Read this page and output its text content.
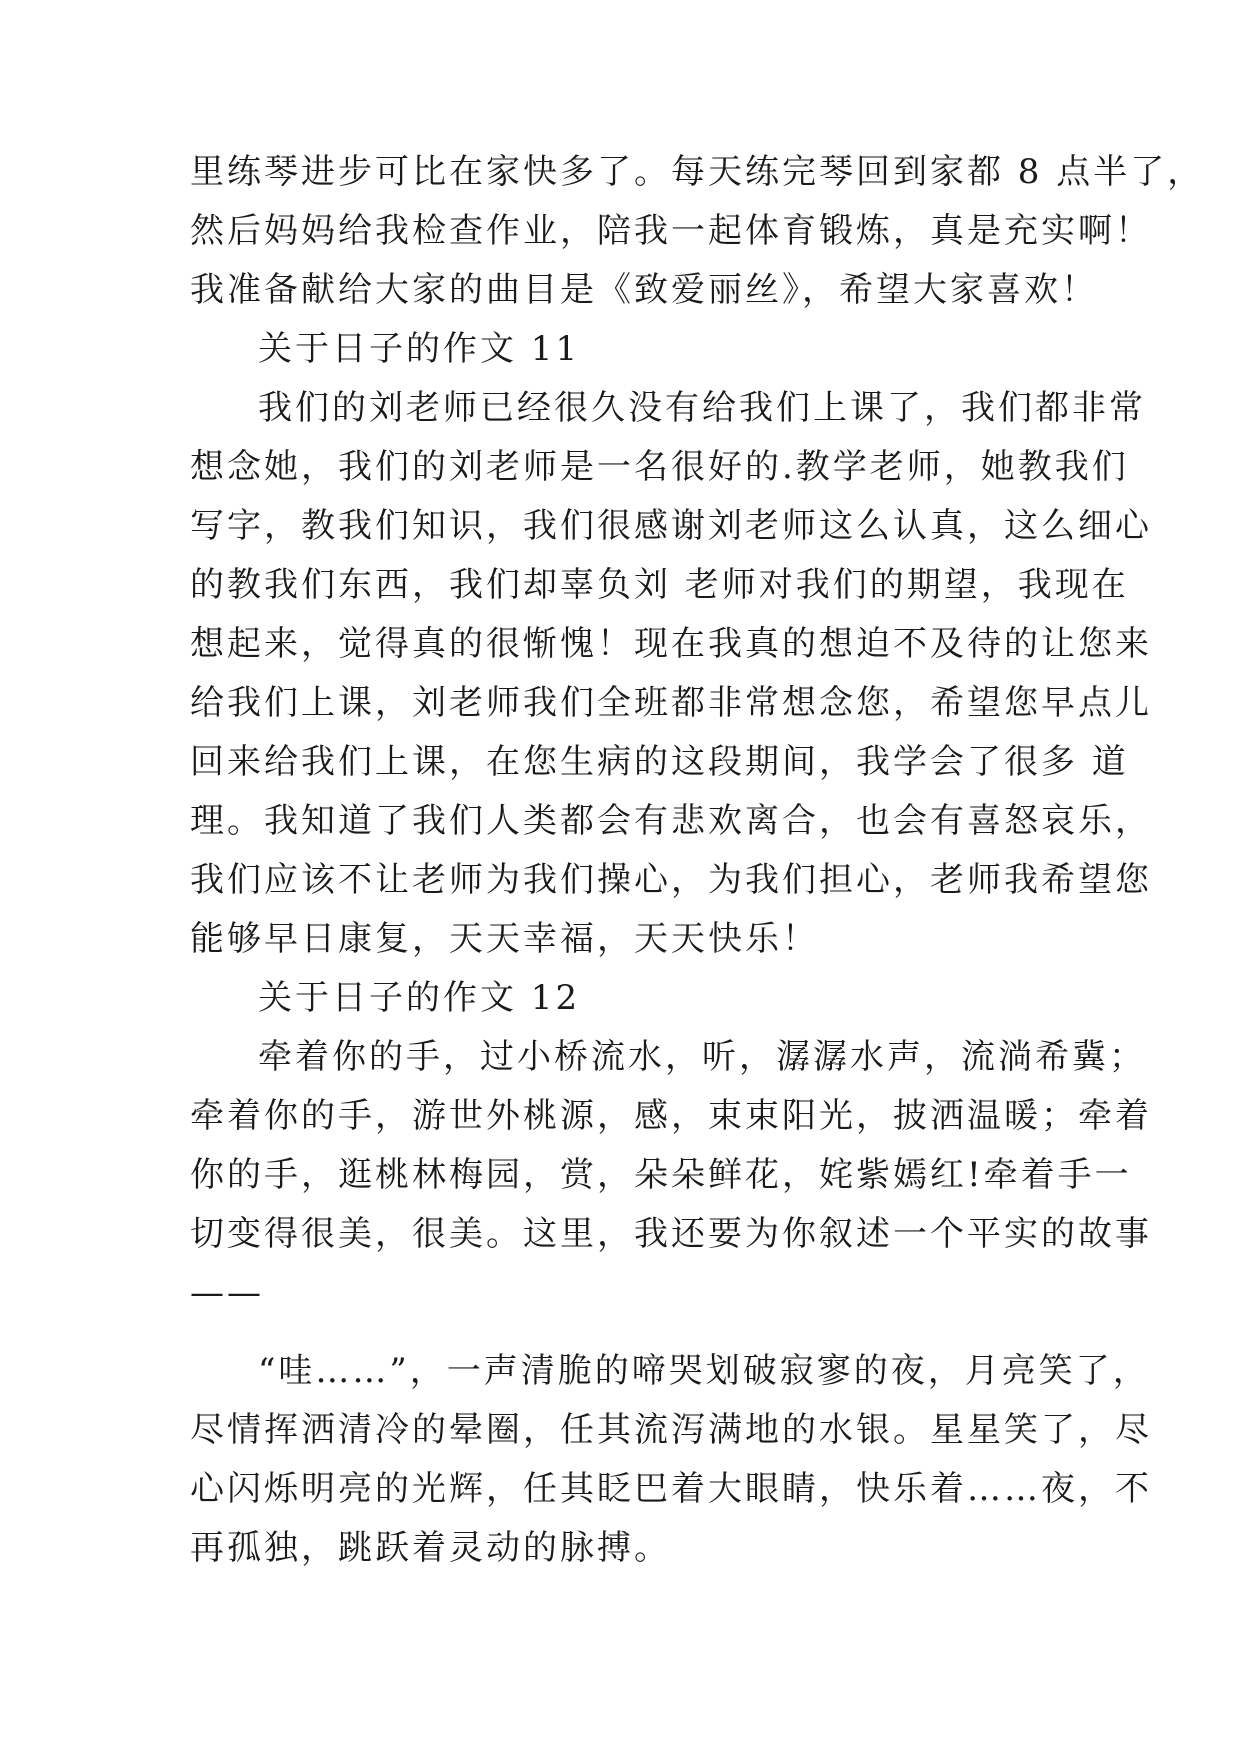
里练琴进步可比在家快多了。每天练完琴回到家都 8 点半了，
然后妈妈给我检查作业，陪我一起体育锻炼，真是充实啊！
我准备献给大家的曲目是《致爱丽丝》，希望大家喜欢！
关于日子的作文 11
我们的刘老师已经很久没有给我们上课了，我们都非常
想念她，我们的刘老师是一名很好的.教学老师，她教我们
写字，教我们知识，我们很感谢刘老师这么认真，这么细心
的教我们东西，我们却辜负刘 老师对我们的期望，我现在
想起来，觉得真的很惭愧！现在我真的想迫不及待的让您来
给我们上课，刘老师我们全班都非常想念您，希望您早点儿
回来给我们上课，在您生病的这段期间，我学会了很多 道
理。我知道了我们人类都会有悲欢离合，也会有喜怒哀乐，
我们应该不让老师为我们操心，为我们担心，老师我希望您
能够早日康复，天天幸福，天天快乐！
关于日子的作文 12
牵着你的手，过小桥流水，听，潺潺水声，流淌希冀；
牵着你的手，游世外桃源，感，束束阳光，披洒温暖；牵着
你的手，逛桃林梅园，赏，朵朵鲜花，姹紫嫣红!牵着手一
切变得很美，很美。这里，我还要为你叙述一个平实的故事
——
“哇……”，一声清脆的啼哭划破寂寥的夜，月亮笑了，
尽情挥洒清冷的晕圈，任其流泻满地的水银。星星笑了，尽
心闪烁明亮的光辉，任其眨巴着大眼睛，快乐着……夜，不
再孤独，跳跃着灵动的脉搏。
